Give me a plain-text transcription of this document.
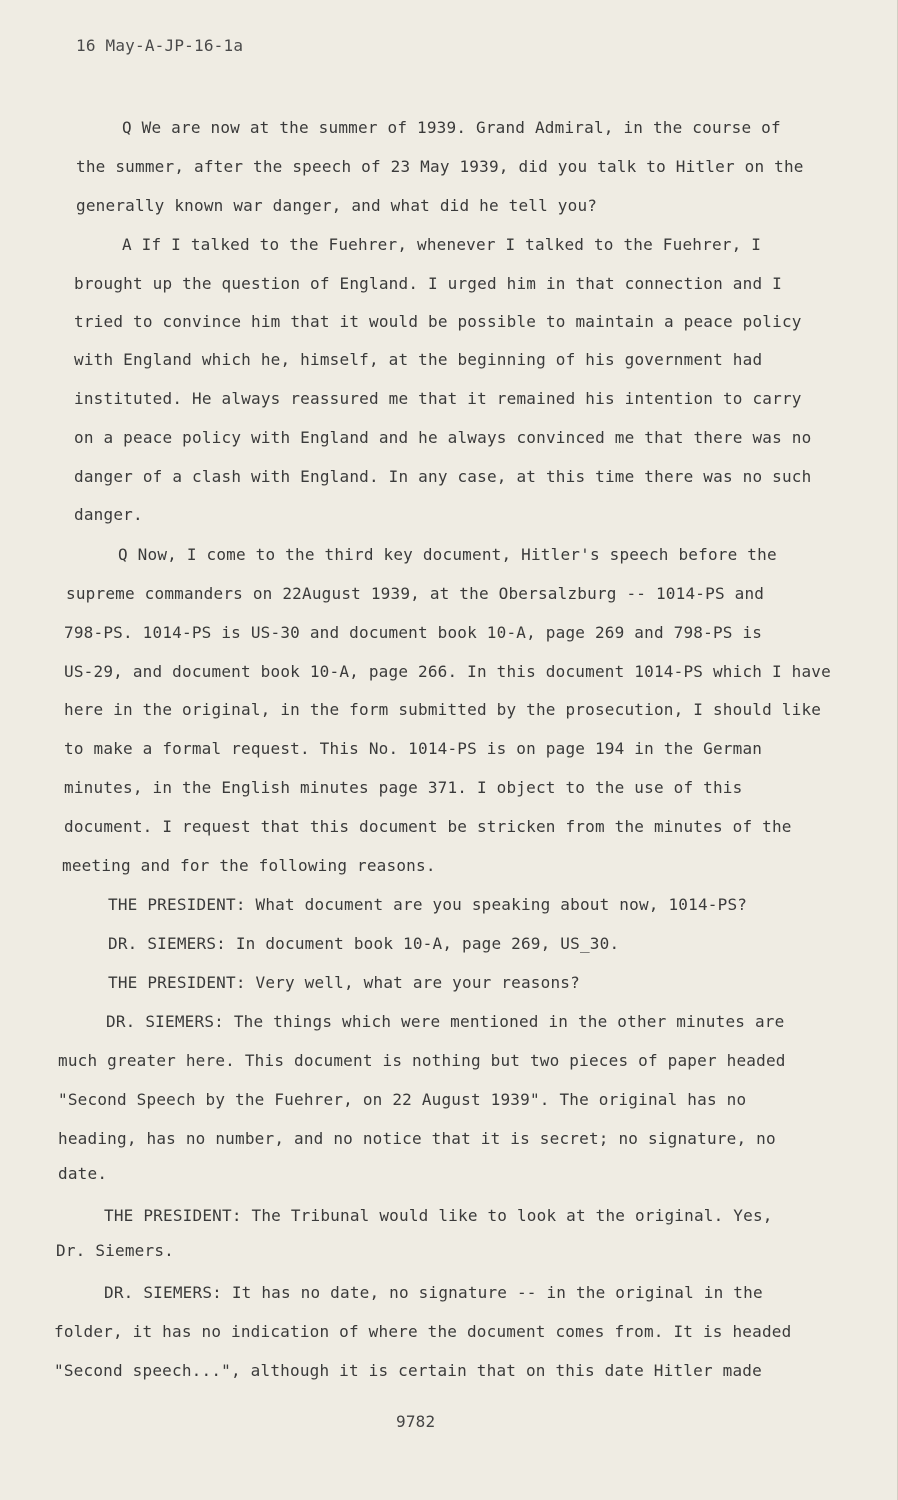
16 May-A-JP-16-1a
Q We are now at the summer of 1939. Grand Admiral, in the course of
the summer, after the speech of 23 May 1939, did you talk to Hitler on the
generally known war danger, and what did he tell you?
A If I talked to the Fuehrer, whenever I talked to the Fuehrer, I
brought up the question of England. I urged him in that connection and I
tried to convince him that it would be possible to maintain a peace policy
with England which he, himself, at the beginning of his government had
instituted. He always reassured me that it remained his intention to carry
on a peace policy with England and he always convinced me that there was no
danger of a clash with England. In any case, at this time there was no such
danger.
Q Now, I come to the third key document, Hitler's speech before the
supreme commanders on 22August 1939, at the Obersalzburg -- 1014-PS and
798-PS. 1014-PS is US-30 and document book 10-A, page 269 and 798-PS is
US-29, and document book 10-A, page 266. In this document 1014-PS which I have
here in the original, in the form submitted by the prosecution, I should like
to make a formal request. This No. 1014-PS is on page 194 in the German
minutes, in the English minutes page 371. I object to the use of this
document. I request that this document be stricken from the minutes of the
meeting and for the following reasons.
THE PRESIDENT: What document are you speaking about now, 1014-PS?
DR. SIEMERS: In document book 10-A, page 269, US_30.
THE PRESIDENT: Very well, what are your reasons?
DR. SIEMERS: The things which were mentioned in the other minutes are
much greater here. This document is nothing but two pieces of paper headed
"Second Speech by the Fuehrer, on 22 August 1939". The original has no
heading, has no number, and no notice that it is secret; no signature, no
date.
THE PRESIDENT: The Tribunal would like to look at the original. Yes,
Dr. Siemers.
DR. SIEMERS: It has no date, no signature -- in the original in the
folder, it has no indication of where the document comes from. It is headed
"Second speech...", although it is certain that on this date Hitler made
9782
